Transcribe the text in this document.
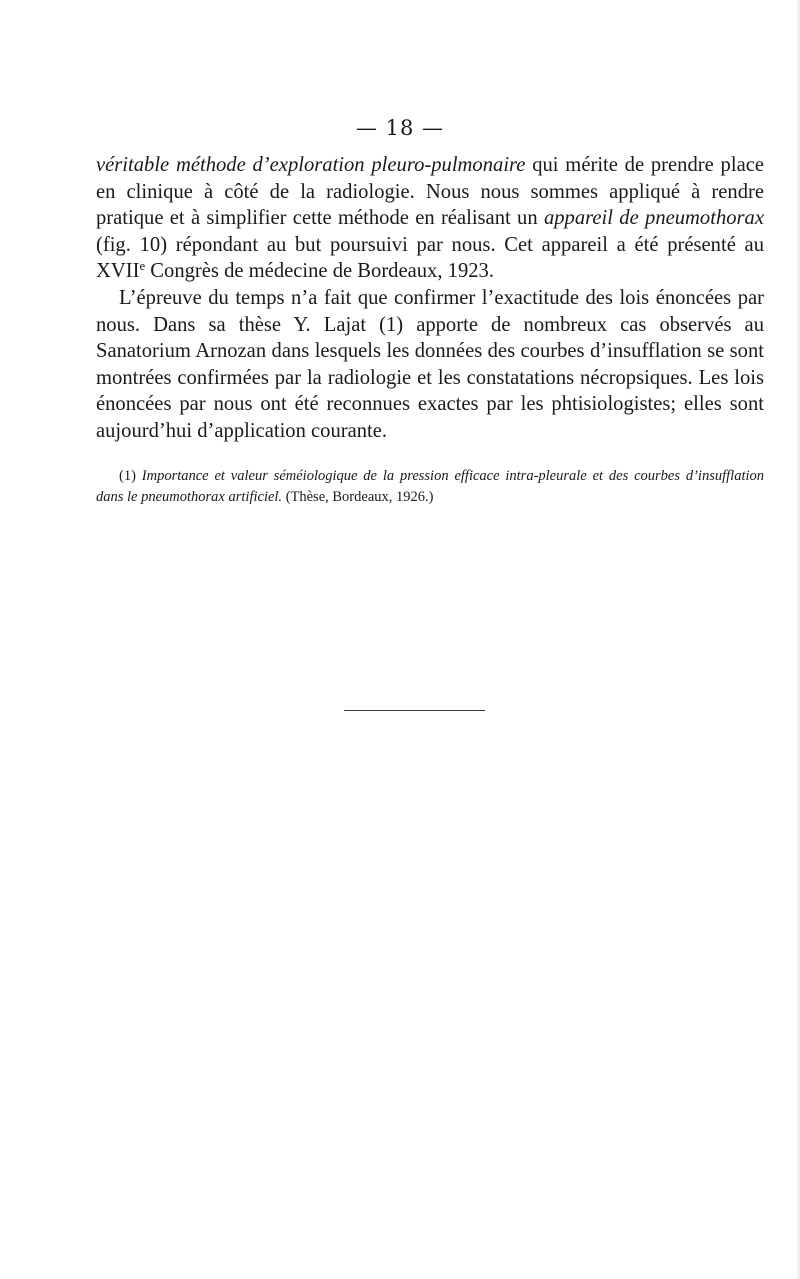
— 18 —

véritable méthode d’exploration pleuro-pulmonaire qui mérite de prendre place en clinique à côté de la radiologie. Nous nous sommes appliqué à rendre pratique et à simplifier cette méthode en réalisant un appareil de pneumothorax (fig. 10) répondant au but poursuivi par nous. Cet appareil a été présenté au XVIIe Congrès de médecine de Bordeaux, 1923.

L’épreuve du temps n’a fait que confirmer l’exactitude des lois énoncées par nous. Dans sa thèse Y. Lajat (1) apporte de nombreux cas observés au Sanatorium Arnozan dans lesquels les données des courbes d’insufflation se sont montrées confirmées par la radiologie et les constatations nécropsiques. Les lois énoncées par nous ont été reconnues exactes par les phtisiologistes; elles sont aujourd’hui d’application courante.

(1) Importance et valeur séméiologique de la pression efficace intra-pleurale et des courbes d’insufflation dans le pneumothorax artificiel. (Thèse, Bordeaux, 1926.)
